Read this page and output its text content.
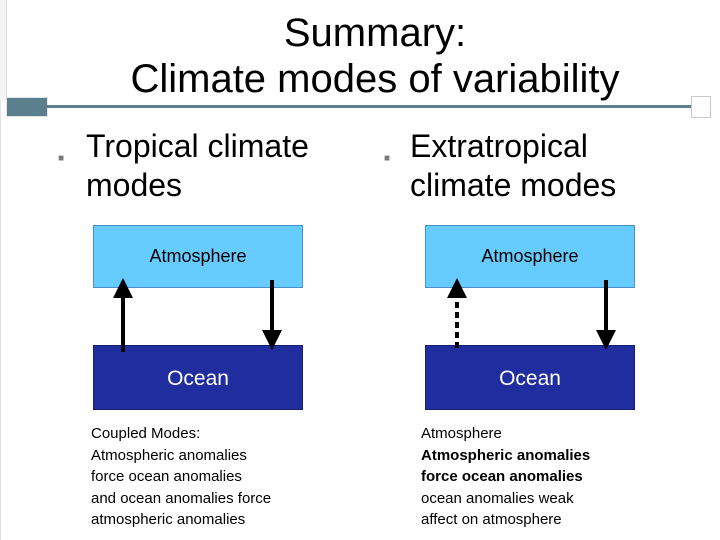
Summary:
Climate modes of variability
■ Tropical climate
modes
■ Extratropical
climate modes
Atmosphere
Ocean
Atmosphere
Ocean
Coupled Modes:
Atmospheric anomalies
force ocean anomalies
and ocean anomalies force
atmospheric anomalies
Atmosphere
Atmospheric anomalies
force ocean anomalies
ocean anomalies weak
affect on atmosphere
